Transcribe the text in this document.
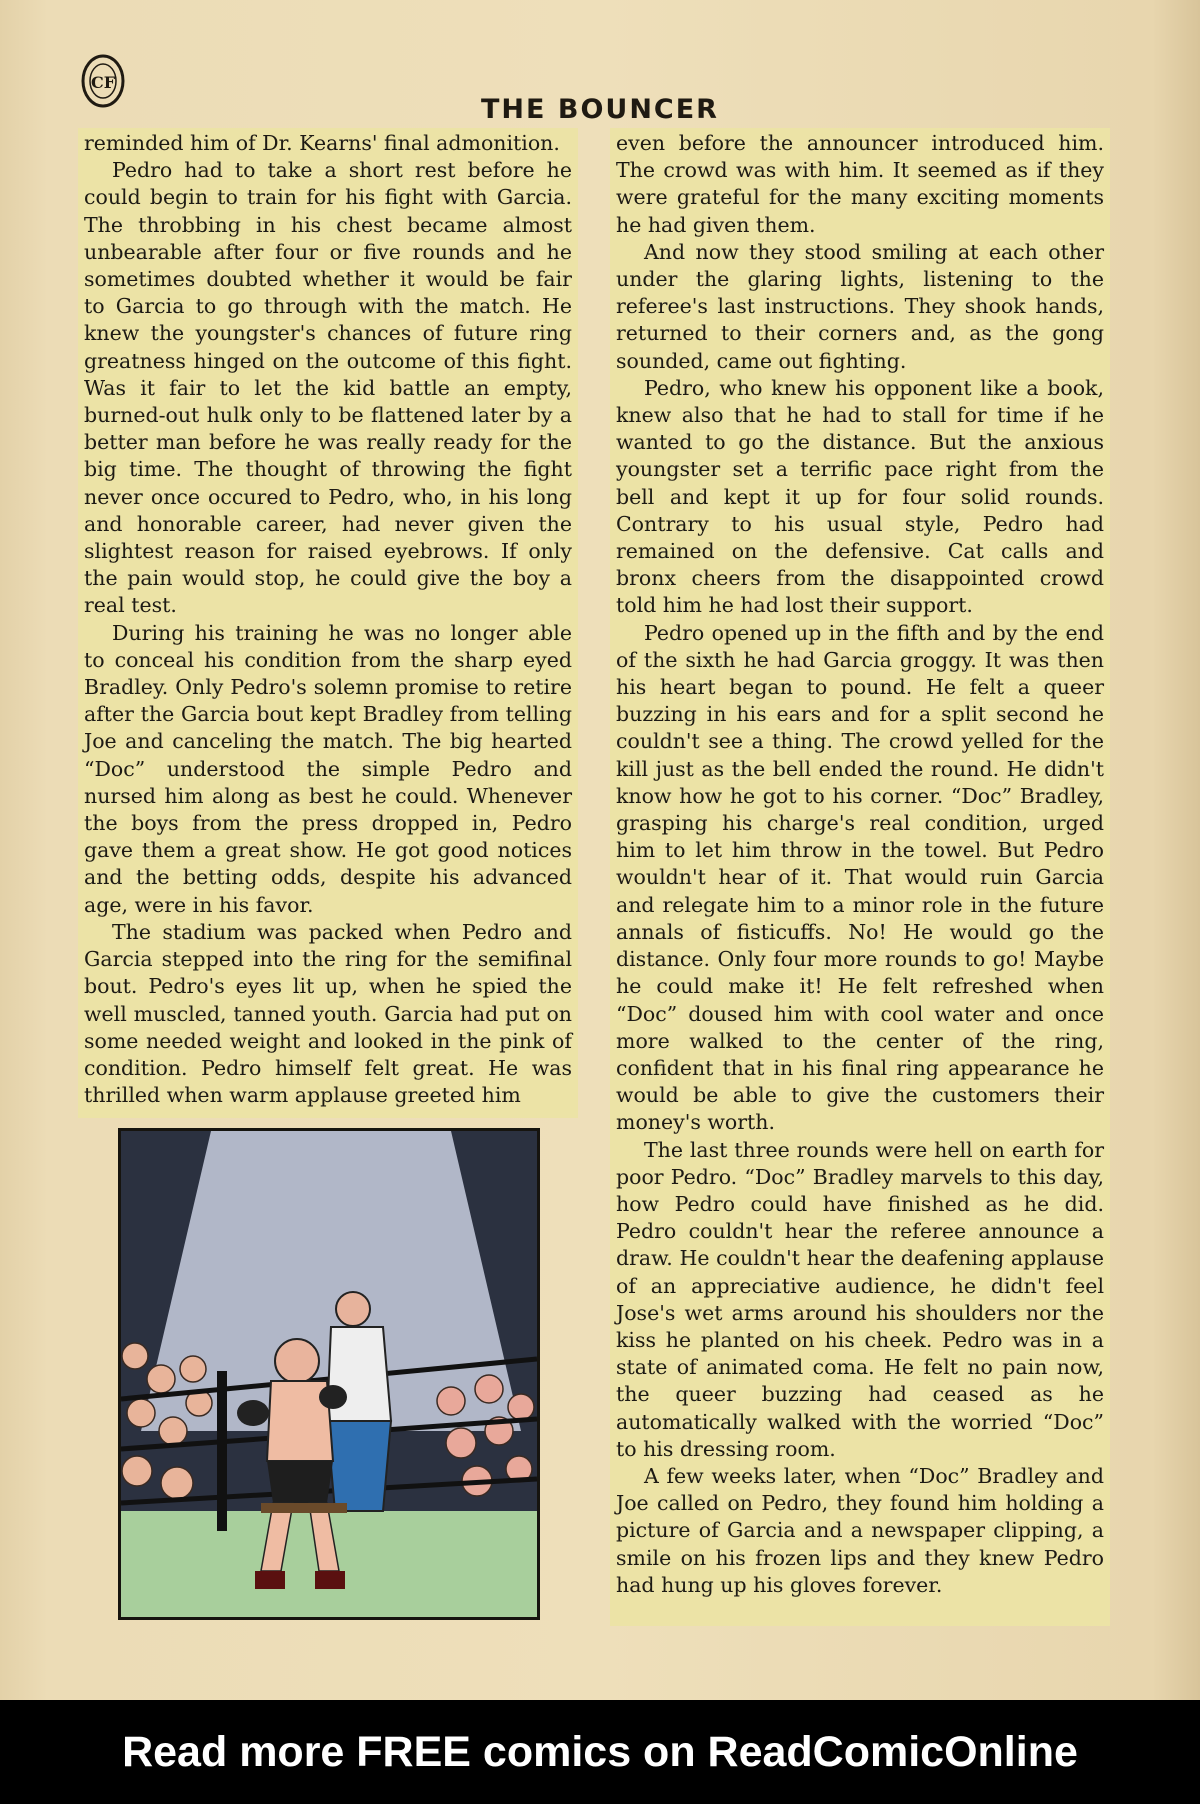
CF
THE BOUNCER

reminded him of Dr. Kearns' final admonition.

Pedro had to take a short rest before he could begin to train for his fight with Garcia. The throbbing in his chest became almost unbearable after four or five rounds and he sometimes doubted whether it would be fair to Garcia to go through with the match. He knew the youngster's chances of future ring greatness hinged on the outcome of this fight. Was it fair to let the kid battle an empty, burned-out hulk only to be flattened later by a better man before he was really ready for the big time. The thought of throwing the fight never once occured to Pedro, who, in his long and honorable career, had never given the slightest reason for raised eyebrows. If only the pain would stop, he could give the boy a real test.

During his training he was no longer able to conceal his condition from the sharp eyed Bradley. Only Pedro's solemn promise to retire after the Garcia bout kept Bradley from telling Joe and canceling the match. The big hearted “Doc” understood the simple Pedro and nursed him along as best he could. Whenever the boys from the press dropped in, Pedro gave them a great show. He got good notices and the betting odds, despite his advanced age, were in his favor.

The stadium was packed when Pedro and Garcia stepped into the ring for the semifinal bout. Pedro's eyes lit up, when he spied the well muscled, tanned youth. Garcia had put on some needed weight and looked in the pink of condition. Pedro himself felt great. He was thrilled when warm applause greeted him

even before the announcer introduced him. The crowd was with him. It seemed as if they were grateful for the many exciting moments he had given them.

And now they stood smiling at each other under the glaring lights, listening to the referee's last instructions. They shook hands, returned to their corners and, as the gong sounded, came out fighting.

Pedro, who knew his opponent like a book, knew also that he had to stall for time if he wanted to go the distance. But the anxious youngster set a terrific pace right from the bell and kept it up for four solid rounds. Contrary to his usual style, Pedro had remained on the defensive. Cat calls and bronx cheers from the disappointed crowd told him he had lost their support.

Pedro opened up in the fifth and by the end of the sixth he had Garcia groggy. It was then his heart began to pound. He felt a queer buzzing in his ears and for a split second he couldn't see a thing. The crowd yelled for the kill just as the bell ended the round. He didn't know how he got to his corner. “Doc” Bradley, grasping his charge's real condition, urged him to let him throw in the towel. But Pedro wouldn't hear of it. That would ruin Garcia and relegate him to a minor role in the future annals of fisticuffs. No! He would go the distance. Only four more rounds to go! Maybe he could make it! He felt refreshed when “Doc” doused him with cool water and once more walked to the center of the ring, confident that in his final ring appearance he would be able to give the customers their money's worth.

The last three rounds were hell on earth for poor Pedro. “Doc” Bradley marvels to this day, how Pedro could have finished as he did. Pedro couldn't hear the referee announce a draw. He couldn't hear the deafening applause of an appreciative audience, he didn't feel Jose's wet arms around his shoulders nor the kiss he planted on his cheek. Pedro was in a state of animated coma. He felt no pain now, the queer buzzing had ceased as he automatically walked with the worried “Doc” to his dressing room.

A few weeks later, when “Doc” Bradley and Joe called on Pedro, they found him holding a picture of Garcia and a newspaper clipping, a smile on his frozen lips and they knew Pedro had hung up his gloves forever.

Read more FREE comics on ReadComicOnline
